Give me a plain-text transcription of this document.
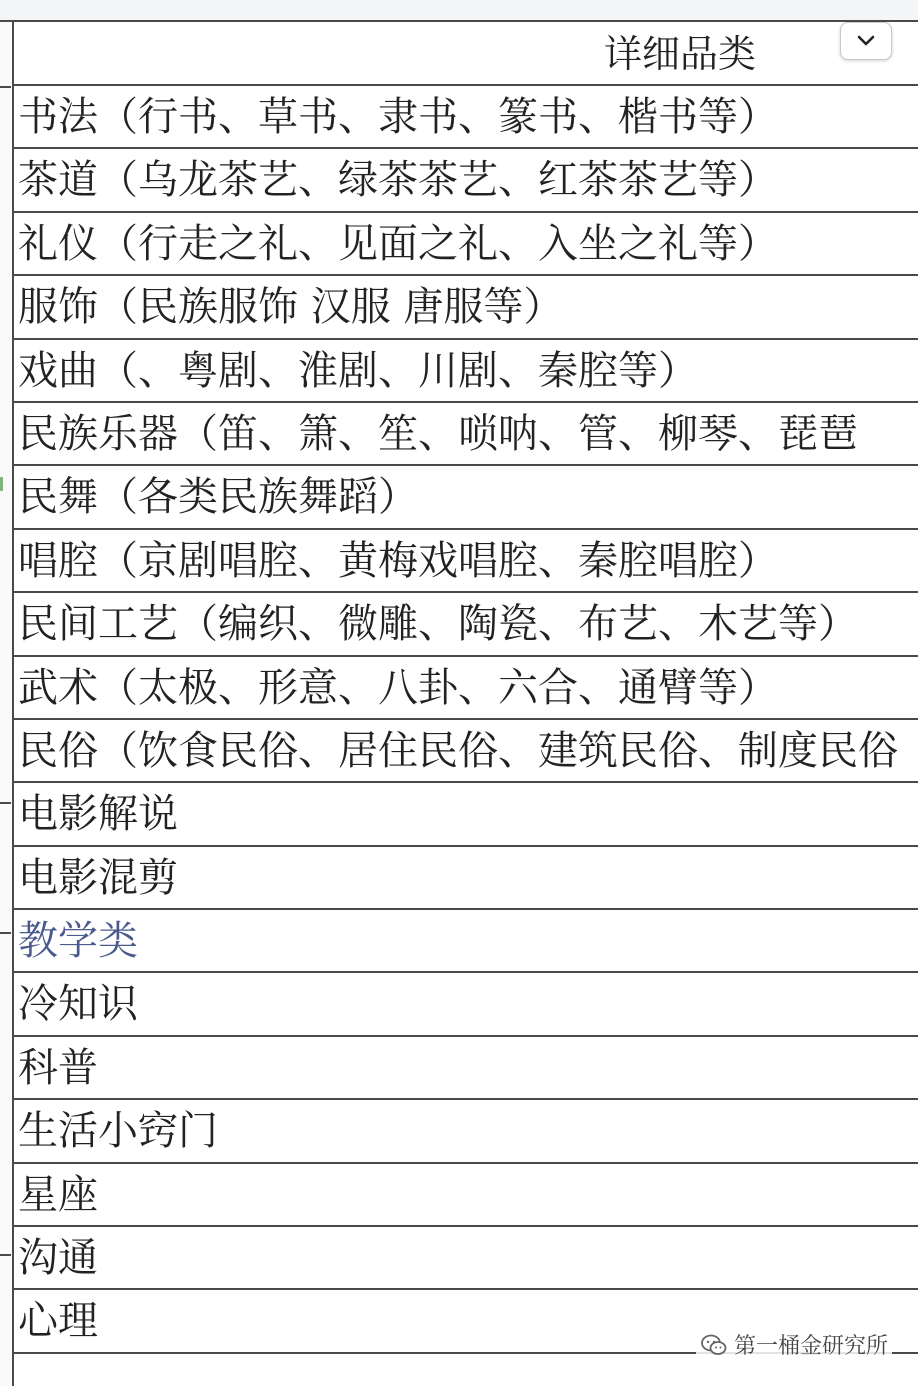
详细品类
书法（行书、草书、隶书、篆书、楷书等）
茶道（乌龙茶艺、绿茶茶艺、红茶茶艺等）
礼仪（行走之礼、见面之礼、入坐之礼等）
服饰（民族服饰 汉服 唐服等）
戏曲（、粤剧、淮剧、川剧、秦腔等）
民族乐器（笛、箫、笙、唢呐、管、柳琴、琵琶
民舞（各类民族舞蹈）
唱腔（京剧唱腔、黄梅戏唱腔、秦腔唱腔）
民间工艺（编织、微雕、陶瓷、布艺、木艺等）
武术（太极、形意、八卦、六合、通臂等）
民俗（饮食民俗、居住民俗、建筑民俗、制度民俗
电影解说
电影混剪
教学类
冷知识
科普
生活小窍门
星座
沟通
心理
第一桶金研究所
